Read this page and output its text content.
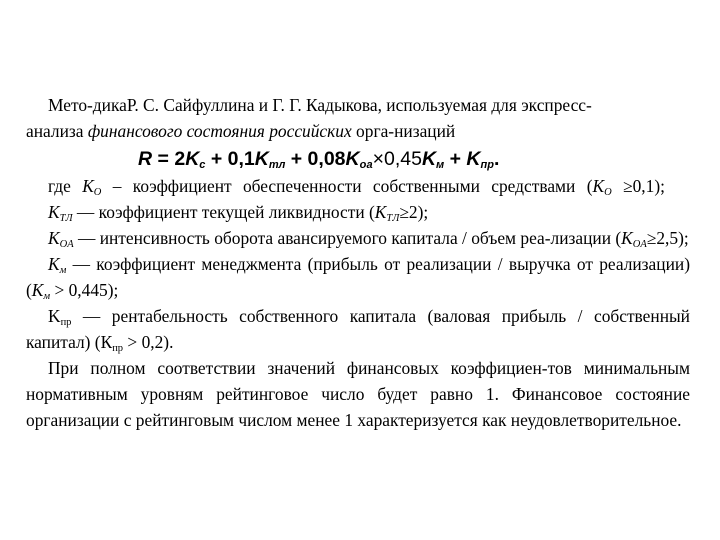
Мето-дикаР. С. Сайфуллина и Г. Г. Кадыкова, используемая для экспресс-
анализа финансового состояния российских орга-низаций

$R = 2K_c + 0,1K_{тл} + 0,08K_{оа}\times 0,45K_м + K_{пр}$.

где $K_O$ – коэффициент обеспеченности собственными средствами $(K_O \ge 0,1)$;

$K_{ТЛ}$ — коэффициент текущей ликвидности $(K_{ТЛ}\ge 2)$;

$K_{OA}$ — интенсивность оборота авансируемого капитала / объем реа-лизации $(K_{OA}\ge 2,5)$;

$K_м$ — коэффициент менеджмента (прибыль от реализации / выручка от реализации) $(K_м > 0,445)$;

$K_{пр}$ — рентабельность собственного капитала (валовая прибыль / собственный капитал) $(К_{пр} > 0,2)$.

При полном соответствии значений финансовых коэффициен-тов минимальным нормативным уровням рейтинговое число будет равно 1. Финансовое состояние организации с рейтинговым числом менее 1 характеризуется как неудовлетворительное.
